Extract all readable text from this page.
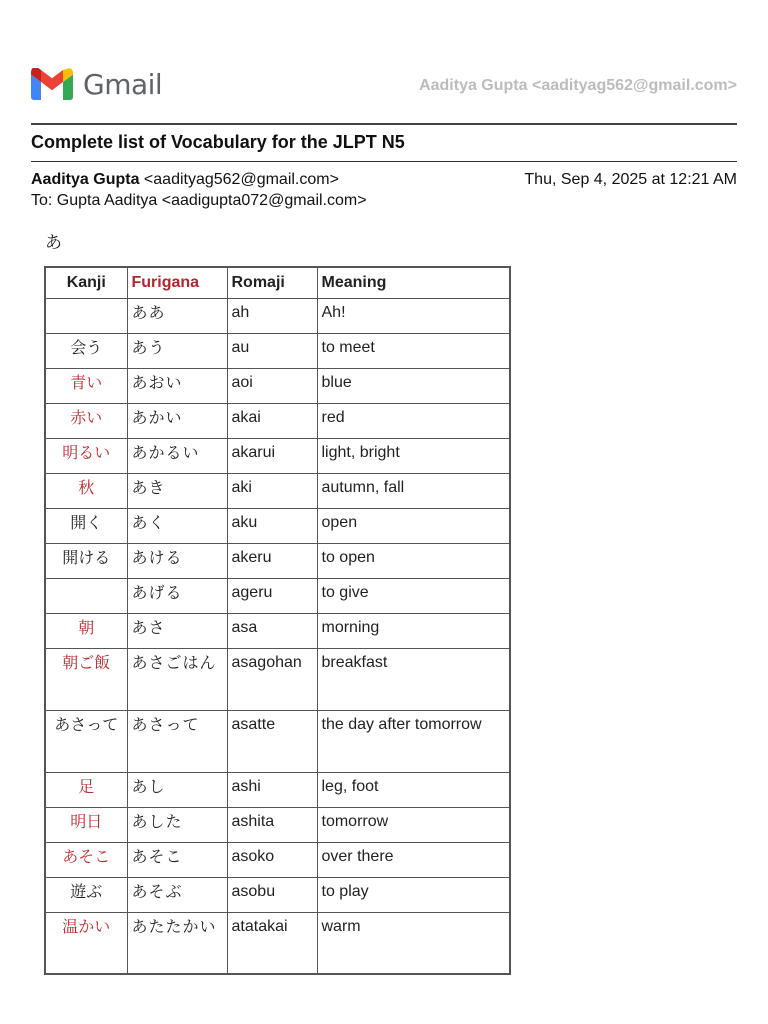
Gmail	Aaditya Gupta <aadityag562@gmail.com>
Complete list of Vocabulary for the JLPT N5
Aaditya Gupta <aadityag562@gmail.com>	Thu, Sep 4, 2025 at 12:21 AM
To: Gupta Aaditya <aadigupta072@gmail.com>
あ
Kanji	Furigana	Romaji	Meaning
	ああ	ah	Ah!
会う	あう	au	to meet
青い	あおい	aoi	blue
赤い	あかい	akai	red
明るい	あかるい	akarui	light, bright
秋	あき	aki	autumn, fall
開く	あく	aku	open
開ける	あける	akeru	to open
	あげる	ageru	to give
朝	あさ	asa	morning
朝ご飯	あさごはん	asagohan	breakfast
あさって	あさって	asatte	the day after tomorrow
足	あし	ashi	leg, foot
明日	あした	ashita	tomorrow
あそこ	あそこ	asoko	over there
遊ぶ	あそぶ	asobu	to play
温かい	あたたかい	atatakai	warm
